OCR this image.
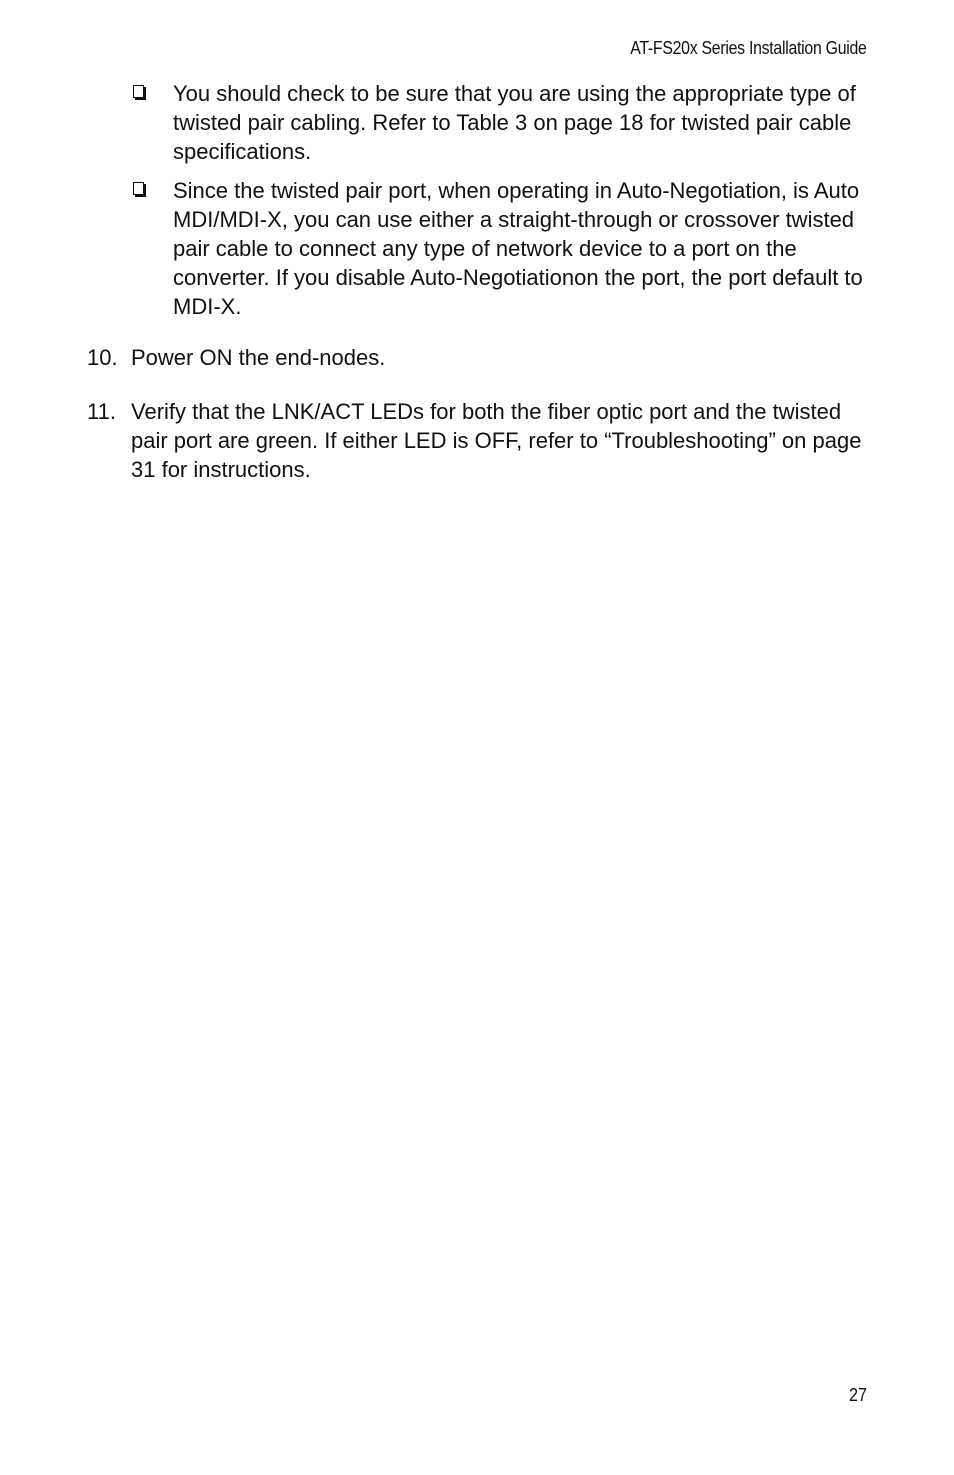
AT-FS20x Series Installation Guide
You should check to be sure that you are using the appropriate type of twisted pair cabling. Refer to Table 3 on page 18 for twisted pair cable specifications.
Since the twisted pair port, when operating in Auto-Negotiation, is Auto MDI/MDI-X, you can use either a straight-through or crossover twisted pair cable to connect any type of network device to a port on the converter. If you disable Auto-Negotiationon the port, the port default to MDI-X.
10. Power ON the end-nodes.
11. Verify that the LNK/ACT LEDs for both the fiber optic port and the twisted pair port are green. If either LED is OFF, refer to “Troubleshooting” on page 31 for instructions.
27
